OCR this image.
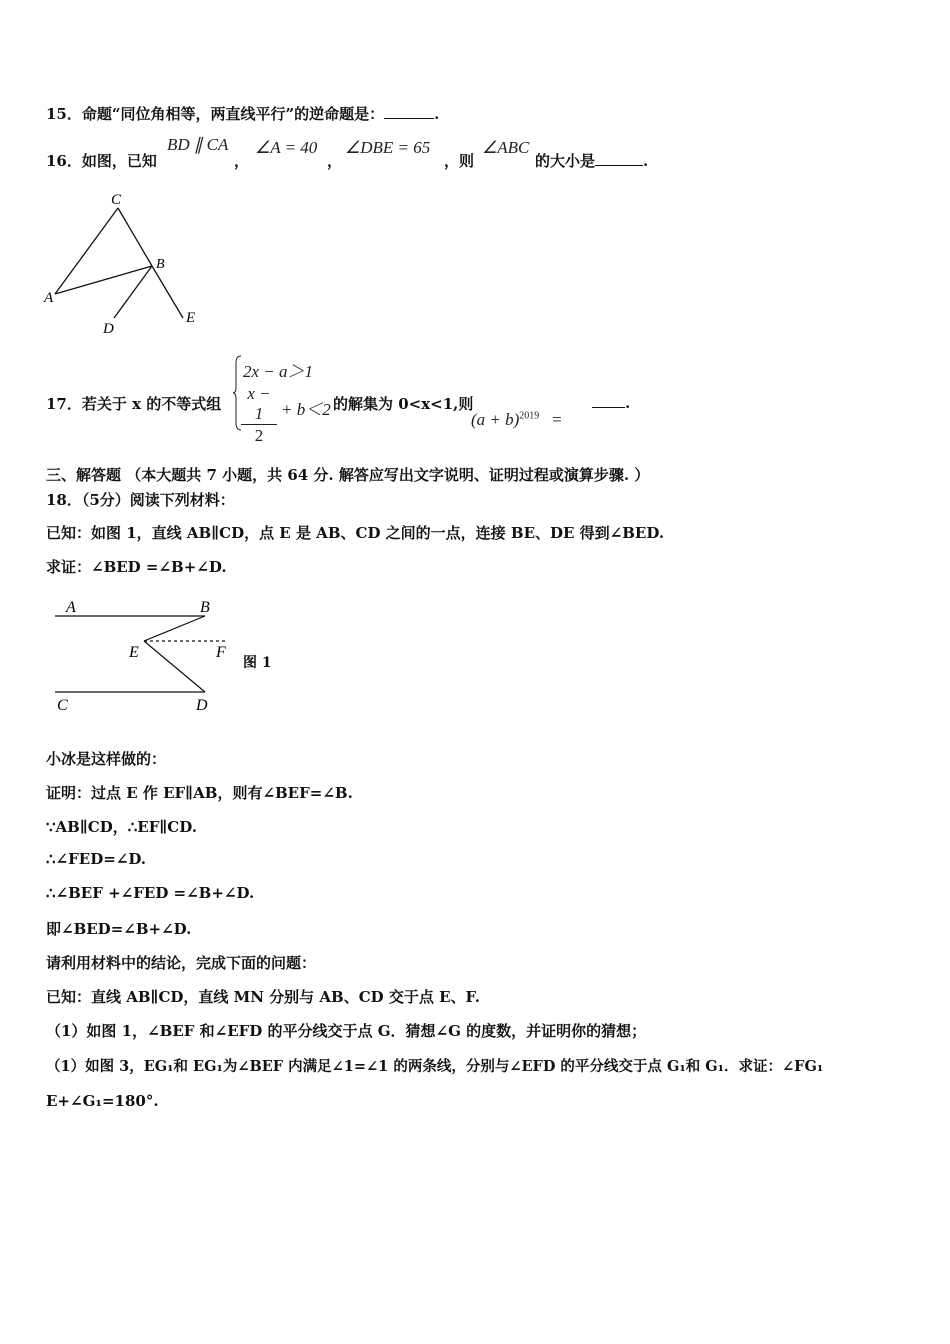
15．命题“同位角相等，两直线平行”的逆命题是：	.
16．如图，已知
BD ∥ CA
，
∠A = 40
，
∠DBE = 65
，则
∠ABC
的大小是	.
C
B
A
D
E
17．若关于 x 的不等式组
2x − a＞1
$\frac{x - 1}{2} + b<2$ 的解集为 0<x<1,则
$(a + b)^{2019}$ =
.
三、解答题 （本大题共 7 小题，共 64 分. 解答应写出文字说明、证明过程或演算步骤. ）
18．（5分）阅读下列材料：
已知：如图 1，直线 AB∥CD，点 E 是 AB、CD 之间的一点，连接 BE、DE 得到∠BED.
求证：∠BED =∠B+∠D.
A	B
E	F
C	D
图 1
小冰是这样做的：
证明：过点 E 作 EF∥AB，则有∠BEF=∠B.
∵AB∥CD，∴EF∥CD.
∴∠FED=∠D.
∴∠BEF +∠FED =∠B+∠D.
即∠BED=∠B+∠D.
请利用材料中的结论，完成下面的问题：
已知：直线 AB∥CD，直线 MN 分别与 AB、CD 交于点 E、F.
（1）如图 1，∠BEF 和∠EFD 的平分线交于点 G．猜想∠G 的度数，并证明你的猜想；
（1）如图 3，EG₁和 EG₁为∠BEF 内满足∠1=∠1 的两条线，分别与∠EFD 的平分线交于点 G₁和 G₁．求证：∠FG₁
E+∠G₁=180°.
